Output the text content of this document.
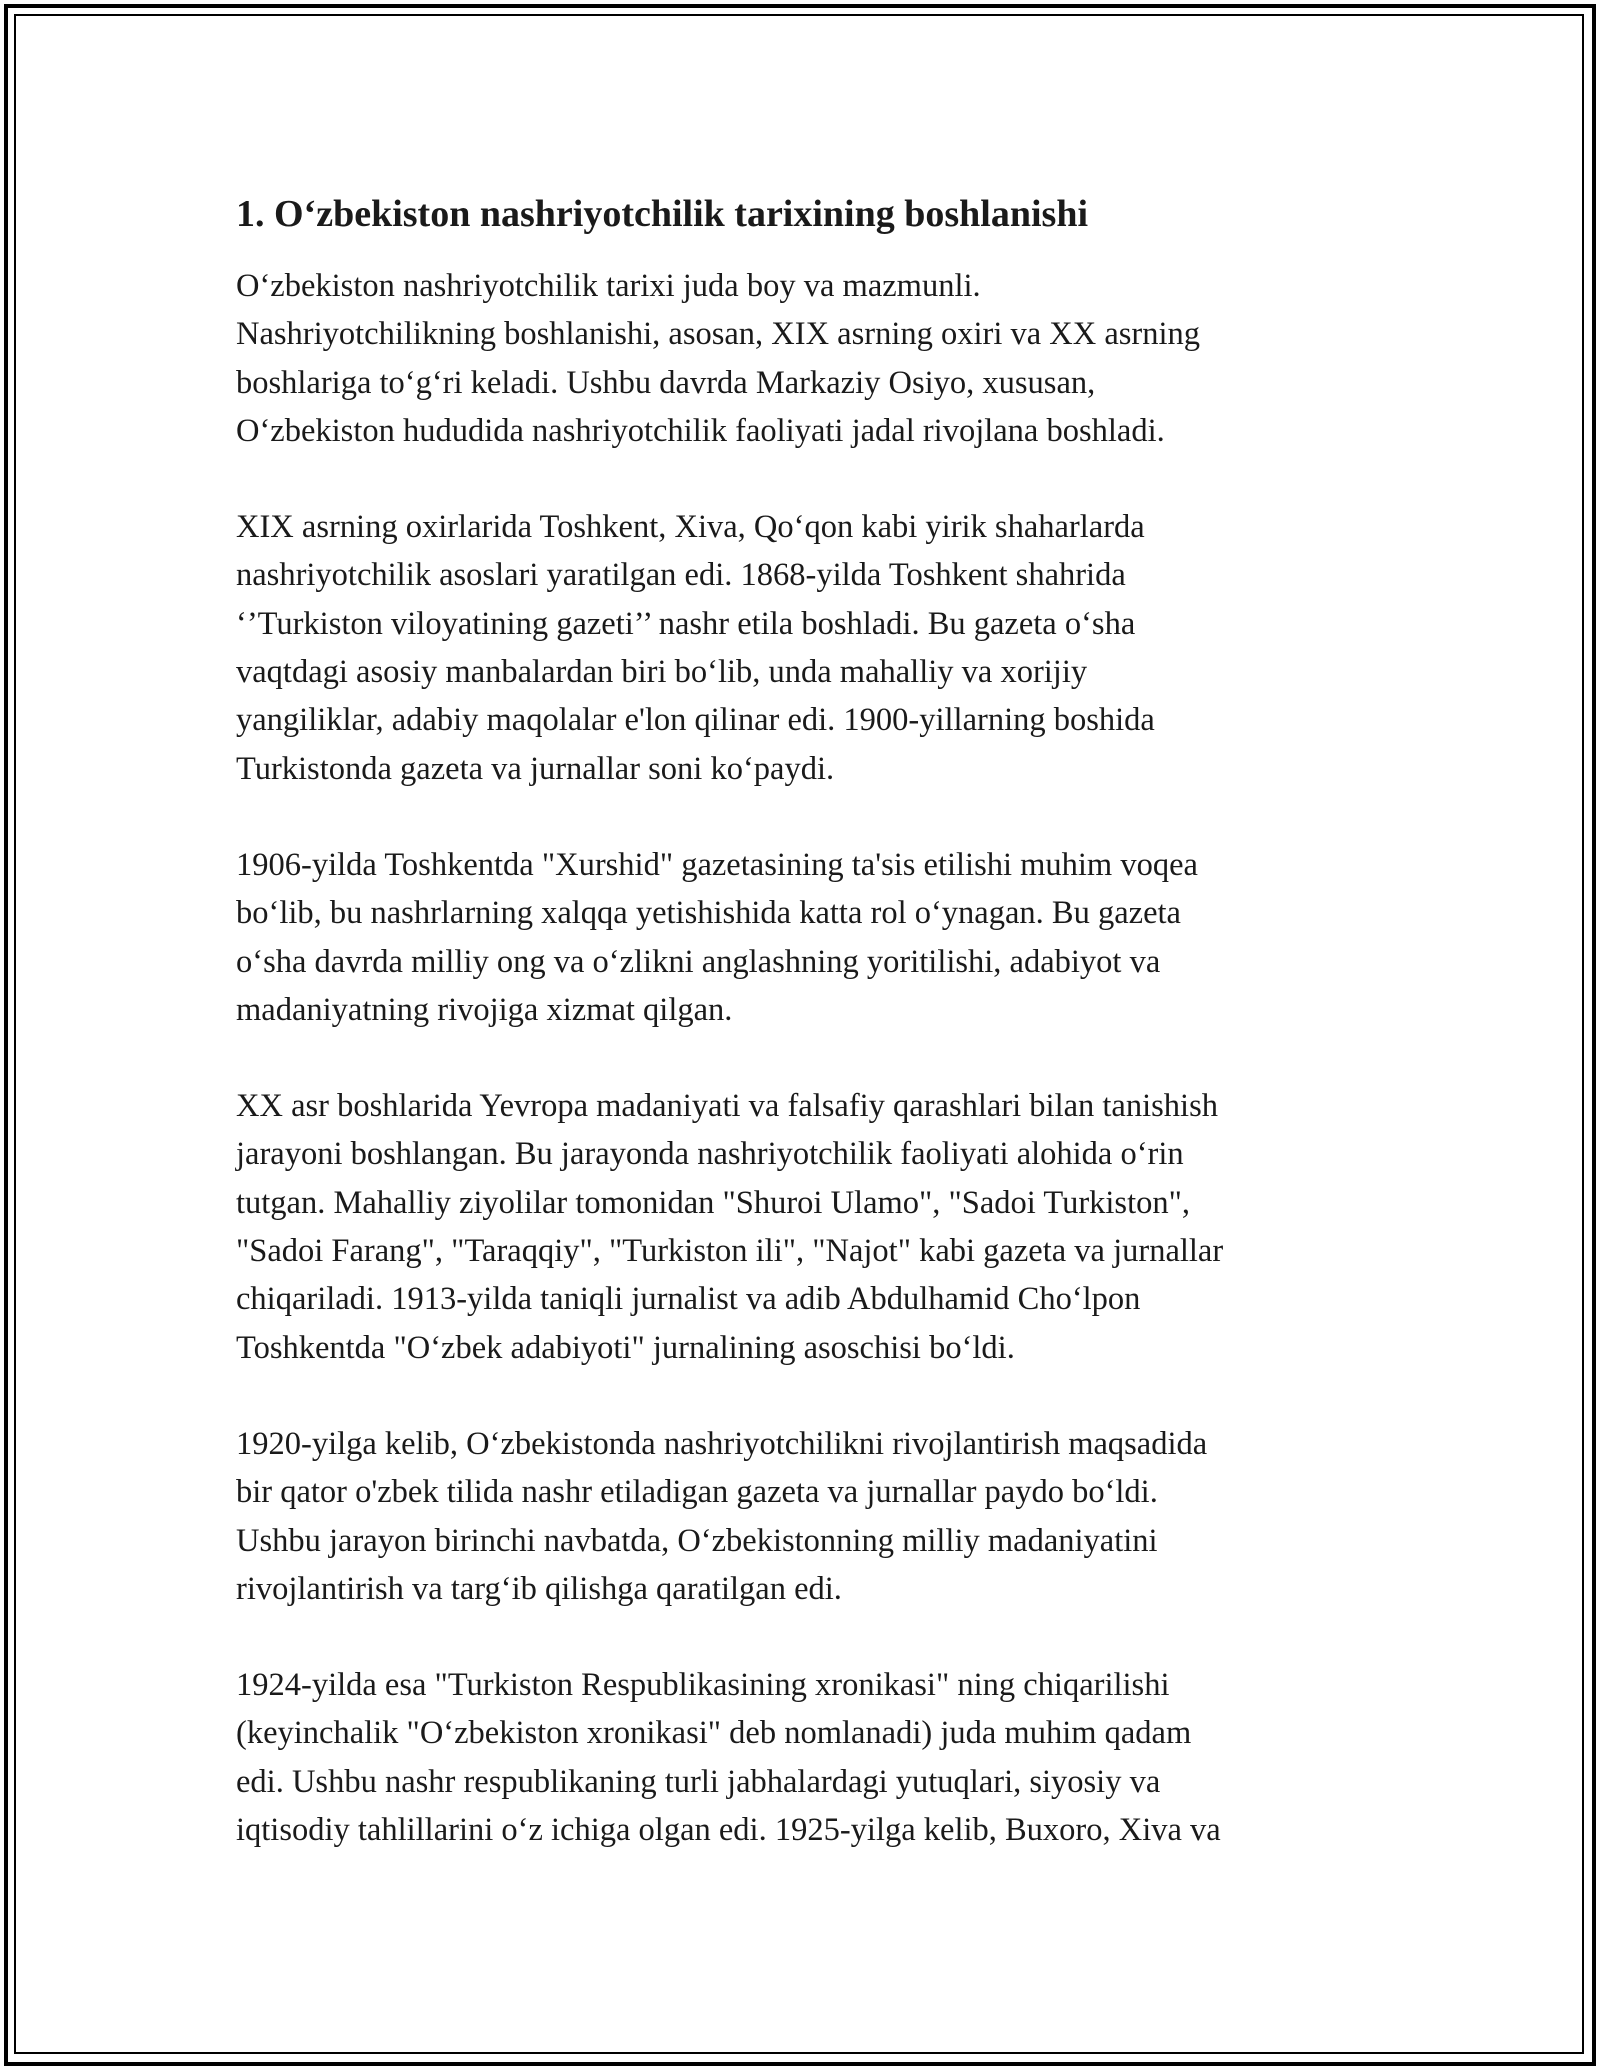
1. O‘zbekiston nashriyotchilik tarixining boshlanishi
O‘zbekiston nashriyotchilik tarixi juda boy va mazmunli.
Nashriyotchilikning boshlanishi, asosan, XIX asrning oxiri va XX asrning
boshlariga to‘g‘ri keladi. Ushbu davrda Markaziy Osiyo, xususan,
O‘zbekiston hududida nashriyotchilik faoliyati jadal rivojlana boshladi.
XIX asrning oxirlarida Toshkent, Xiva, Qo‘qon kabi yirik shaharlarda
nashriyotchilik asoslari yaratilgan edi. 1868-yilda Toshkent shahrida
‘’Turkiston viloyatining gazeti’’ nashr etila boshladi. Bu gazeta o‘sha
vaqtdagi asosiy manbalardan biri bo‘lib, unda mahalliy va xorijiy
yangiliklar, adabiy maqolalar e'lon qilinar edi. 1900-yillarning boshida
Turkistonda gazeta va jurnallar soni ko‘paydi.
1906-yilda Toshkentda "Xurshid" gazetasining ta'sis etilishi muhim voqea
bo‘lib, bu nashrlarning xalqqa yetishishida katta rol o‘ynagan. Bu gazeta
o‘sha davrda milliy ong va o‘zlikni anglashning yoritilishi, adabiyot va
madaniyatning rivojiga xizmat qilgan.
XX asr boshlarida Yevropa madaniyati va falsafiy qarashlari bilan tanishish
jarayoni boshlangan. Bu jarayonda nashriyotchilik faoliyati alohida o‘rin
tutgan. Mahalliy ziyolilar tomonidan "Shuroi Ulamo", "Sadoi Turkiston",
"Sadoi Farang", "Taraqqiy", "Turkiston ili", "Najot" kabi gazeta va jurnallar
chiqariladi. 1913-yilda taniqli jurnalist va adib Abdulhamid Cho‘lpon
Toshkentda "O‘zbek adabiyoti" jurnalining asoschisi bo‘ldi.
1920-yilga kelib, O‘zbekistonda nashriyotchilikni rivojlantirish maqsadida
bir qator o'zbek tilida nashr etiladigan gazeta va jurnallar paydo bo‘ldi.
Ushbu jarayon birinchi navbatda, O‘zbekistonning milliy madaniyatini
rivojlantirish va targ‘ib qilishga qaratilgan edi.
1924-yilda esa "Turkiston Respublikasining xronikasi" ning chiqarilishi
(keyinchalik "O‘zbekiston xronikasi" deb nomlanadi) juda muhim qadam
edi. Ushbu nashr respublikaning turli jabhalardagi yutuqlari, siyosiy va
iqtisodiy tahlillarini o‘z ichiga olgan edi. 1925-yilga kelib, Buxoro, Xiva va
